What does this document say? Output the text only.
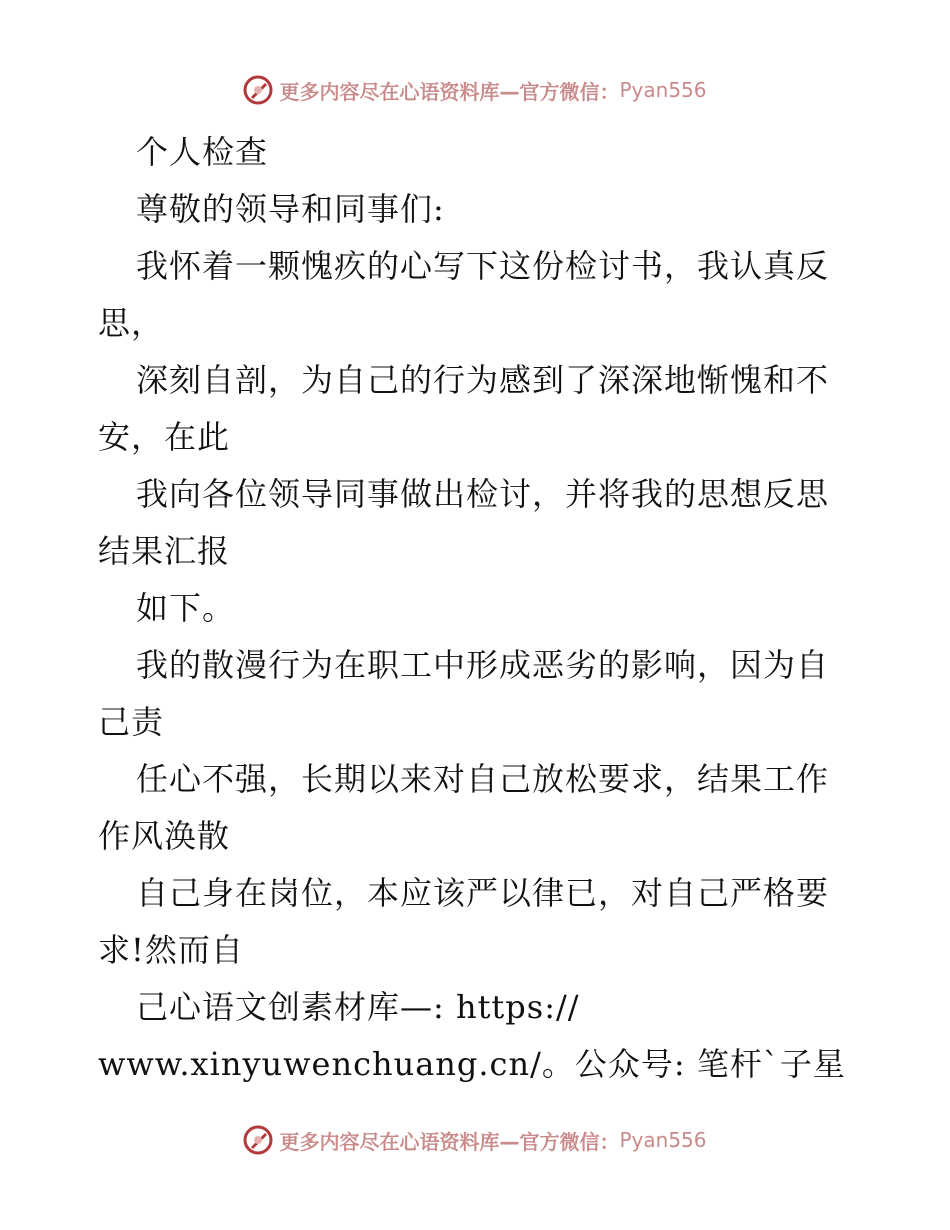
更多内容尽在心语资料库—官方微信： Pyan556
个人检查
尊敬的领导和同事们:
我怀着一颗愧疚的心写下这份检讨书，我认真反
思，
深刻自剖，为自己的行为感到了深深地惭愧和不
安，在此
我向各位领导同事做出检讨，并将我的思想反思
结果汇报
如下。
我的散漫行为在职工中形成恶劣的影响，因为自
己责
任心不强，长期以来对自己放松要求，结果工作
作风涣散
自己身在岗位，本应该严以律已，对自己严格要
求!然而自
己心语文创素材库—: https://
www.xinyuwenchuang.cn/。公众号: 笔杆`子星
更多内容尽在心语资料库—官方微信： Pyan556
